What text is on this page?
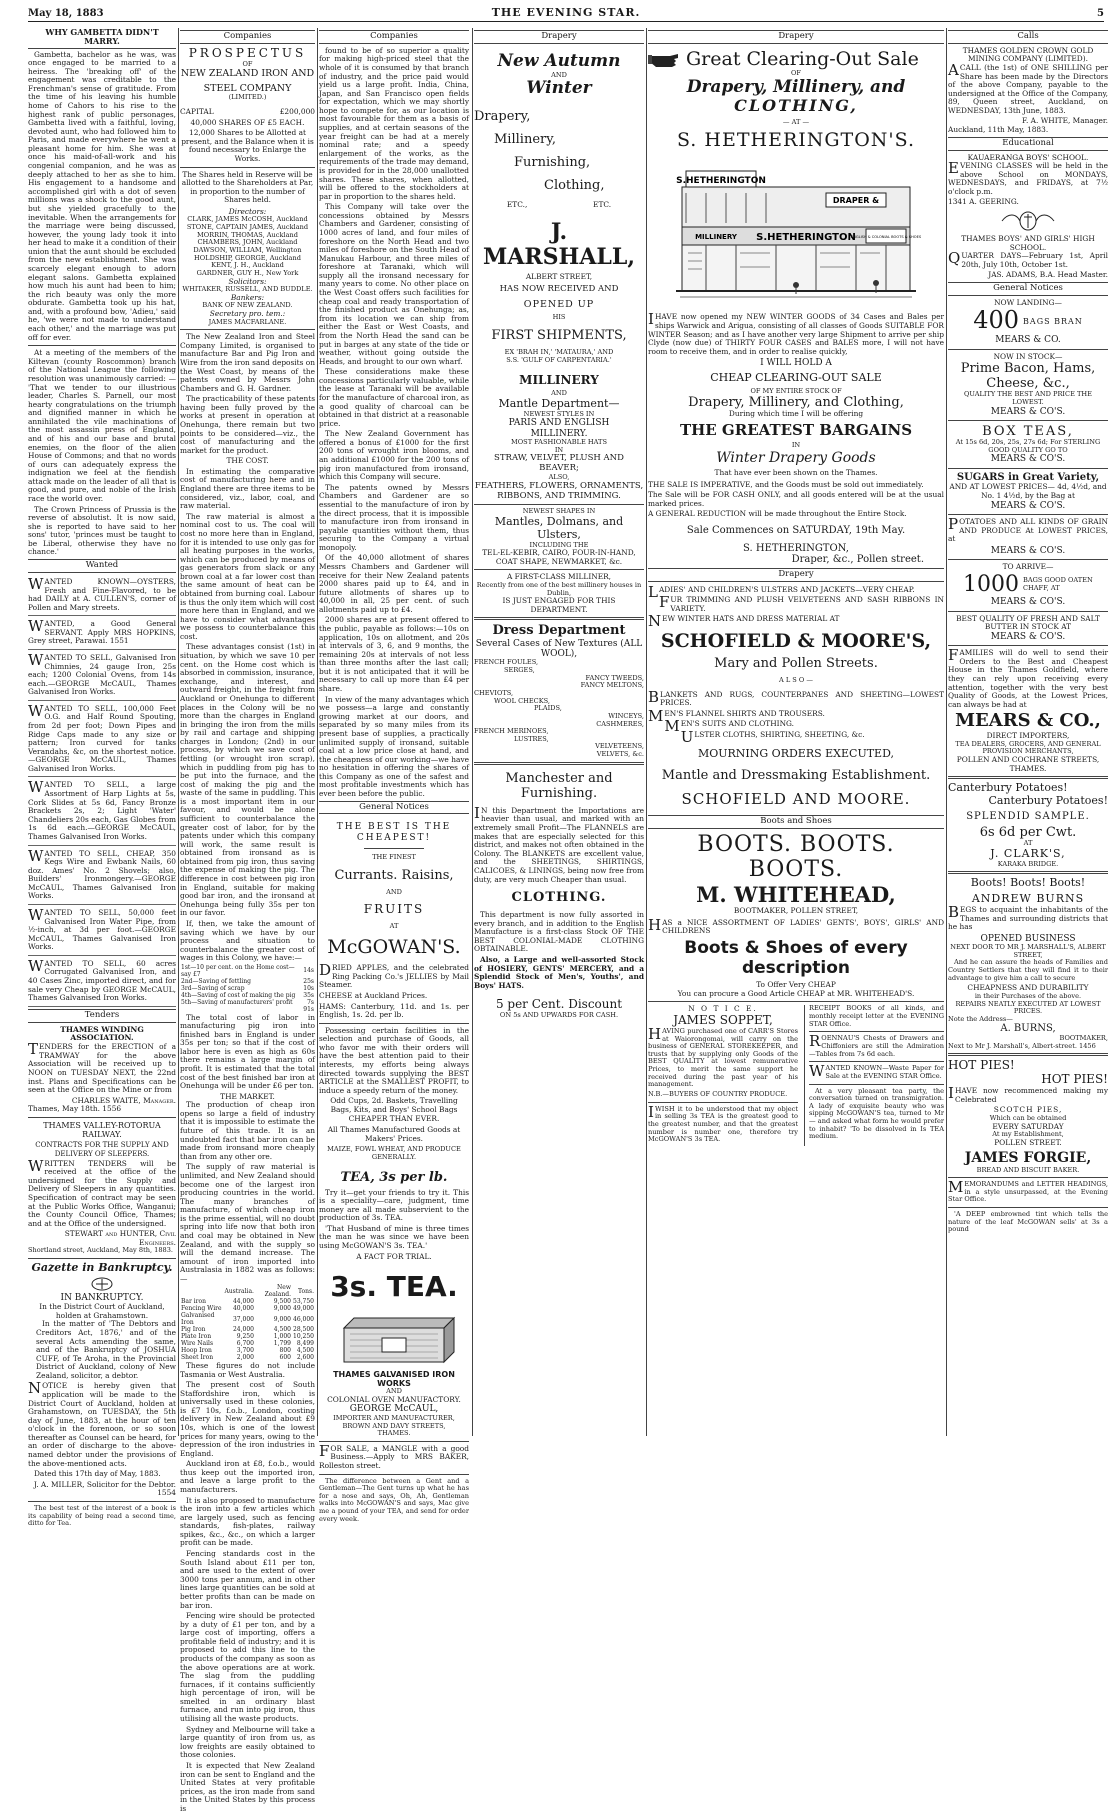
May 18, 1883	THE EVENING STAR.	5
WHY GAMBETTA DIDN'T MARRY.
Gambetta, bachelor as he was, was once engaged to be married to a heiress. The 'breaking off' of the engagement was creditable to the Frenchman's sense of gratitude. From the time of his leaving his humble home of Cahors to his rise to the highest rank of public personages, Gambetta lived with a faithful, loving, devoted aunt, who had followed him to Paris, and made everywhere he went a pleasant home for him. She was at once his maid-of-all-work and his congenial companion, and he was as deeply attached to her as she to him. His engagement to a handsome and accomplished girl with a dot of seven millions was a shock to the good aunt, but she yielded gracefully to the inevitable. When the arrangements for the marriage were being discussed, however, the young lady took it into her head to make it a condition of their union that the aunt should be excluded from the new establishment. She was scarcely elegant enough to adorn elegant salons. Gambetta explained how much his aunt had been to him; the rich beauty was only the more obdurate. Gambetta took up his hat, and, with a profound bow, 'Adieu,' said he, 'we were not made to understand each other,' and the marriage was put off for ever.
At a meeting of the members of the Kiltevan (county Roscommon) branch of the National League the following resolution was unanimously carried: — 'That we tender to our illustrious leader, Charles S. Parnell, our most hearty congratulations on the triumph and dignified manner in which he annihilated the vile machinations of the most assassin press of England, and of his and our base and brutal enemies, on the floor of the alien House of Commons; and that no words of ours can adequately express the indignation we feel at the fiendish attack made on the leader of all that is good, and pure, and noble of the Irish race the world over.
The Crown Princess of Prussia is the reverse of absolutist. It is now said, she is reported to have said to her sons' tutor, 'princes must be taught to be Liberal, otherwise they have no chance.'
Wanted
WANTED KNOWN—OYSTERS, Fresh and Fine-Flavored, to be had DAILY at A. CULLEN'S, corner of Pollen and Mary streets.
WANTED, a Good General SERVANT. Apply MRS HOPKINS, Grey street, Parawai. 1551
WANTED TO SELL, Galvanised Iron Chimnies, 24 gauge Iron, 25s each; 1200 Colonial Ovens, from 14s each.—GEORGE McCAUL, Thames Galvanised Iron Works.
WANTED TO SELL, 100,000 Feet O.G. and Half Round Spouting, from 2d per foot; Down Pipes and Ridge Caps made to any size or pattern; Iron curved for tanks Verandahs, &c, on the shortest notice.—GEORGE McCAUL, Thames Galvanised Iron Works.
WANTED TO SELL, a large Assortment of Harp Lights at 5s, Cork Slides at 5s 6d, Fancy Bronze Brackets 2s, 2; Light 'Water' Chandeliers 20s each, Gas Globes from 1s 6d each.—GEORGE McCAUL, Thames Galvanised Iron Works.
WANTED TO SELL, CHEAP, 350 Kegs Wire and Ewbank Nails, 60 doz. Ames' No. 2 Shovels; also, Builders' Ironmongery.—GEORGE McCAUL, Thames Galvanised Iron Works.
WANTED TO SELL, 50,000 feet Galvanised Iron Water Pipe, from ½-inch, at 3d per foot.—GEORGE McCAUL, Thames Galvanised Iron Works.
WANTED TO SELL, 60 acres Corrugated Galvanised Iron, and 40 Cases Zinc, imported direct, and for sale very Cheap by GEORGE McCAUL, Thames Galvanised Iron Works.
Tenders
THAMES WINDING ASSOCIATION.
TENDERS for the ERECTION of a TRAMWAY for the above Association will be received up to NOON on TUESDAY NEXT, the 22nd inst. Plans and Specifications can be seen at the Office on the Mine or from
CHARLES WAITE, Manager.
Thames, May 18th. 1556
THAMES VALLEY-ROTORUA RAILWAY.
CONTRACTS FOR THE SUPPLY AND DELIVERY OF SLEEPERS.
WRITTEN TENDERS will be received at the office of the undersigned for the Supply and Delivery of Sleepers in any quantities. Specification of contract may be seen at the Public Works Office, Wanganui; the County Council Office, Thames; and at the Office of the undersigned.
STEWART and HUNTER, Civil Engineers.
Shortland street, Auckland, May 8th, 1883.
Gazette in Bankruptcy.
IN BANKRUPTCY.
In the District Court of Auckland, holden at Grahamstown.
In the matter of 'The Debtors and Creditors Act, 1876,' and of the several Acts amending the same, and of the Bankruptcy of JOSHUA CUFF, of Te Aroha, in the Provincial District of Auckland, colony of New Zealand, solicitor, a debtor.
NOTICE is hereby given that application will be made to the District Court of Auckland, holden at Grahamstown, on TUESDAY, the 5th day of June, 1883, at the hour of ten o'clock in the forenoon, or so soon thereafter as Counsel can be heard, for an order of discharge to the above-named debtor under the provisions of the above-mentioned acts.
Dated this 17th day of May, 1883.
J. A. MILLER, Solicitor for the Debtor. 1554
The best test of the interest of a book is its capability of being read a second time, ditto for Tea.
Companies
PROSPECTUS
OF
NEW ZEALAND IRON AND
STEEL COMPANY
(LIMITED.)
CAPITAL	£200,000
40,000 SHARES OF £5 EACH.
12,000 Shares to be Allotted at present, and the Balance when it is found necessary to Enlarge the Works.
The Shares held in Reserve will be allotted to the Shareholders at Par, in proportion to the number of Shares held.
Directors:
CLARK, JAMES McCOSH, Auckland
STONE, CAPTAIN JAMES, Auckland
MORRIN, THOMAS, Auckland
CHAMBERS, JOHN, Auckland
DAWSON, WILLIAM, Wellington
HOLDSHIP, GEORGE, Auckland
KENT, J. H., Auckland
GARDNER, GUY H., New York
Solicitors:
WHITAKER, RUSSELL, AND BUDDLE.
Bankers:
BANK OF NEW ZEALAND.
Secretary pro. tem.:
JAMES MACFARLANE.
The New Zealand Iron and Steel Company Limited, is organised to manufacture Bar and Pig Iron and Wire from the iron sand deposits on the West Coast, by means of the patents owned by Messrs John Chambers and G. H. Gardner.
The practicability of these patents having been fully proved by the works at present in operation at Onehunga, there remain but two points to be considered—viz., the cost of manufacturing and the market for the product.
THE COST.
In estimating the comparative cost of manufacturing here and in England there are three items to be considered, viz., labor, coal, and raw material.
The raw material is almost a nominal cost to us. The coal will cost no more here than in England, for it is intended to use only gas for all heating purposes in the works, which can be produced by means of gas generators from slack or any brown coal at a far lower cost than the same amount of heat can be obtained from burning coal. Labour is thus the only item which will cost more here than in England, and we have to consider what advantages we possess to counterbalance this cost.
These advantages consist (1st) in situation, by which we save 10 per cent. on the Home cost which is absorbed in commission, insurance, exchange, and interest, and outward freight, in the freight from Auckland or Onehunga to different places in the Colony will be no more than the charges in England in bringing the iron from the mills by rail and cartage and shipping charges in London; (2nd) in our process, by which we save cost of fettling (or wrought iron scrap), which in puddling from pig has to be put into the furnace, and the cost of making the pig and the waste of the same in puddling. This is a most important item in our favour, and would be alone sufficient to counterbalance the greater cost of labor, for by the patents under which this company will work, the same result is obtained from ironsand as is obtained from pig iron, thus saving the expense of making the pig. The difference in cost between pig iron in England, suitable for making good bar iron, and the ironsand at Onehunga being fully 35s per ton in our favor.
If, then, we take the amount of saving which we have by our process and situation to counterbalance the greater cost of wages in this Colony, we have:—
1st—10 per cent. on the Home cost—say £7	14s
2nd—Saving of fettling	25s
3rd—Saving of scrap	10s
4th—Saving of cost of making the pig	35s
5th—Saving of manufacturers' profit	7s
	91s
The total cost of labor in manufacturing pig iron into finished bars in England is under 35s per ton; so that if the cost of labor here is even as high as 60s there remains a large margin of profit. It is estimated that the total cost of the best finished bar iron at Onehunga will be under £6 per ton.
THE MARKET.
The production of cheap iron opens so large a field of industry that it is impossible to estimate the future of this trade. It is an undoubted fact that bar iron can be made from ironsand more cheaply than from any other ore.
The supply of raw material is unlimited, and New Zealand should become one of the largest iron producing countries in the world. The many branches of manufacture, of which cheap iron is the prime essential, will no doubt spring into life now that both iron and coal may be obtained in New Zealand, and with the supply so will the demand increase. The amount of iron imported into Australasia in 1882 was as follows:—
	Australia.	New Zealand.	Tons.
Bar iron	44,000	9,500	53,750
Fencing Wire	40,000	9,000	49,000
Galvanised Iron	37,000	9,000	46,000
Pig Iron	24,000	4,500	28,500
Plate Iron	9,250	1,000	10,250
Wire Nails	6,700	1,799	8,499
Hoop Iron	3,700	800	4,500
Sheet Iron	2,000	600	2,600
These figures do not include Tasmania or West Australia.
The present cost of South Staffordshire iron, which is universally used in these colonies, is £7 10s, f.o.b., London, costing delivery in New Zealand about £9 10s, which is one of the lowest prices for many years, owing to the depression of the iron industries in England.
Auckland iron at £8, f.o.b., would thus keep out the imported iron, and leave a large profit to the manufacturers.
It is also proposed to manufacture the iron into a few articles which are largely used, such as fencing standards, fish-plates, railway spikes, &c., &c., on which a larger profit can be made.
Fencing standards cost in the South Island about £11 per ton, and are used to the extent of over 3000 tons per annum, and in other lines large quantities can be sold at better profits than can be made on bar iron.
Fencing wire should be protected by a duty of £1 per ton, and by a large cost of importing, offers a profitable field of industry; and it is proposed to add this line to the products of the company as soon as the above operations are at work. The slag from the puddling furnaces, if it contains sufficiently high percentage of iron, will be smelted in an ordinary blast furnace, and run into pig iron, thus utilising all the waste products.
Sydney and Melbourne will take a large quantity of iron from us, as low freights are easily obtained to those colonies.
It is expected that New Zealand iron can be sent to England and the United States at very profitable prices, as the iron made from sand in the United States by this process is
Companies
found to be of so superior a quality for making high-priced steel that the whole of it is consumed by that branch of industry, and the price paid would yield us a large profit. India, China, Japan, and San Francisco open fields for expectation, which we may shortly hope to compete for, as our location is most favourable for them as a basis of supplies, and at certain seasons of the year freight can be had at a merely nominal rate; and a speedy enlargement of the works, as the requirements of the trade may demand, is provided for in the 28,000 unallotted shares. These shares, when allotted, will be offered to the stockholders at par in proportion to the shares held.
This Company will take over the concessions obtained by Messrs Chambers and Gardener, consisting of 1000 acres of land, and four miles of foreshore on the North Head and two miles of foreshore on the South Head of Manukau Harbour, and three miles of foreshore at Taranaki, which will supply all the ironsand necessary for many years to come. No other place on the West Coast offers such facilities for cheap coal and ready transportation of the finished product as Onehunga; as, from its location we can ship from either the East or West Coasts, and from the North Head the sand can be put in barges at any state of the tide or weather, without going outside the Heads, and brought to our own wharf.
These considerations make these concessions particularly valuable, while the lease at Taranaki will be available for the manufacture of charcoal iron, as a good quality of charcoal can be obtained in that district at a reasonable price.
The New Zealand Government has offered a bonus of £1000 for the first 200 tons of wrought iron blooms, and an additional £1000 for the 200 tons of pig iron manufactured from ironsand, which this Company will secure.
The patents owned by Messrs Chambers and Gardener are so essential to the manufacture of iron by the direct process, that it is impossible to manufacture iron from ironsand in payable quantities without them, thus securing to the Company a virtual monopoly.
Of the 40,000 allotment of shares Messrs Chambers and Gardener will receive for their New Zealand patents 2000 shares paid up to £4, and in future allotments of shares up to 40,000 in all, 25 per cent. of such allotments paid up to £4.
2000 shares are at present offered to the public, payable as follows:—10s on application, 10s on allotment, and 20s at intervals of 3, 6, and 9 months, the remaining 20s at intervals of not less than three months after the last call; but it is not anticipated that it will be necessary to call up more than £4 per share.
In view of the many advantages which we possess—a large and constantly growing market at our doors, and separated by so many miles from its present base of supplies, a practically unlimited supply of ironsand, suitable coal at a low price close at hand, and the cheapness of our working—we have no hesitation in offering the shares of this Company as one of the safest and most profitable investments which has ever been before the public.
General Notices
THE BEST IS THE
CHEAPEST!
THE FINEST
Currants. Raisins,
AND
FRUITS
AT
McGOWAN'S.
DRIED APPLES, and the celebrated Ring Packing Co.'s JELLIES by Mail Steamer.
CHEESE at Auckland Prices.
HAMS: Canterbury, 11d. and 1s. per English, 1s. 2d. per lb.
Possessing certain facilities in the selection and purchase of Goods, all who favor me with their orders will have the best attention paid to their interests, my efforts being always directed towards supplying the BEST ARTICLE at the SMALLEST PROFIT, to induce a speedy return of the money.
Odd Cups, 2d. Baskets, Travelling Bags, Kits, and Boys' School Bags CHEAPER THAN EVER.
All Thames Manufactured Goods at Makers' Prices.
MAIZE, FOWL WHEAT, AND PRODUCE GENERALLY.
TEA, 3s per lb.
Try it—get your friends to try it. This is a speciality—care, judgment, time money are all made subservient to the production of 3s. TEA.
'That Husband of mine is three times the man he was since we have been using McGOWAN'S 3s. TEA.'
A FACT FOR TRIAL.
3s. TEA.
THAMES GALVANISED IRON WORKS
AND
COLONIAL OVEN MANUFACTORY.
GEORGE McCAUL,
IMPORTER AND MANUFACTURER,
BROWN AND DAVY STREETS,
THAMES.
FOR SALE, a MANGLE with a good Business.—Apply to MRS BAKER, Rolleston street.
The difference between a Gent and a Gentleman—The Gent turns up what he has for a nose and says, Oh, Ah, Gentleman walks into McGOWAN'S and says, Mac give me a pound of your TEA, and send for order every week.
Drapery
New Autumn
AND
Winter
Drapery,
Millinery,
Furnishing,
Clothing,
ETC.,	ETC.
J. MARSHALL,
ALBERT STREET,
HAS NOW RECEIVED AND
OPENED UP
HIS
FIRST SHIPMENTS,
EX 'BRAH IN,' 'MATAURA,' AND
S.S. 'GULF OF CARPENTARIA.'
MILLINERY
AND
Mantle Department—
NEWEST STYLES IN
PARIS AND ENGLISH
MILLINERY.
MOST FASHIONABLE HATS
IN
STRAW, VELVET, PLUSH AND BEAVER;
ALSO,
FEATHERS, FLOWERS, ORNAMENTS, RIBBONS, AND TRIMMING.
NEWEST SHAPES IN
Mantles, Dolmans, and Ulsters,
INCLUDING THE
TEL-EL-KEBIR, CAIRO, FOUR-IN-HAND, COAT SHAPE, NEWMARKET, &c.
A FIRST-CLASS MILLINER,
Recently from one of the best millinery houses in Dublin,
IS JUST ENGAGED FOR THIS DEPARTMENT.
Dress Department
Several Cases of New Textures (ALL WOOL),
FRENCH FOULES,
SERGES,
FANCY TWEEDS,
FANCY MELTONS,
CHEVIOTS,
WOOL CHECKS,
PLAIDS,
WINCEYS,
CASHMERES,
FRENCH MERINOES,
LUSTRES,
VELVETEENS,
VELVETS, &c.
Manchester and Furnishing.
IN this Department the Importations are heavier than usual, and marked with an extremely small Profit—The FLANNELS are makes that are especially selected for this district, and makes not often obtained in the Colony. The BLANKETS are excellent value, and the SHEETINGS, SHIRTINGS, CALICOES, & LININGS, being now free from duty, are very much Cheaper than usual.
CLOTHING.
This department is now fully assorted in every branch, and in addition to the English Manufacture is a first-class Stock OF THE BEST COLONIAL-MADE CLOTHING OBTAINABLE.
Also, a Large and well-assorted Stock of HOSIERY, GENTS' MERCERY, and a Splendid Stock of Men's, Youths', and Boys' HATS.
5 per Cent. Discount
ON 5s AND UPWARDS FOR CASH.
Drapery
Great Clearing-Out Sale
OF
Drapery, Millinery, and
CLOTHING,
— AT —
S. HETHERINGTON'S.
S.HETHERINGTON
DRAPER &
MILLINERY S.HETHERINGTON
ENGLISH & COLONIAL BOOTS & SHOES
IHAVE now opened my NEW WINTER GOODS of 34 Cases and Bales per ships Warwick and Arigua, consisting of all classes of Goods SUITABLE FOR WINTER Season; and as I have another very large Shipment to arrive per ship Clyde (now due) of THIRTY FOUR CASES and BALES more, I will not have room to receive them, and in order to realise quickly,
I WILL HOLD A
CHEAP CLEARING-OUT SALE
OF MY ENTIRE STOCK OF
Drapery, Millinery, and Clothing,
During which time I will be offering
THE GREATEST BARGAINS
IN
Winter Drapery Goods
That have ever been shown on the Thames.
THE SALE IS IMPERATIVE, and the Goods must be sold out immediately.
The Sale will be FOR CASH ONLY, and all goods entered will be at the usual marked prices.
A GENERAL REDUCTION will be made throughout the Entire Stock.
Sale Commences on SATURDAY, 19th May.
S. HETHERINGTON,
Draper, &c., Pollen street.
Drapery
LADIES' AND CHILDREN'S ULSTERS AND JACKETS—VERY CHEAP.
FUR TRIMMING AND PLUSH VELVETEENS AND SASH RIBBONS IN VARIETY.
NEW WINTER HATS AND DRESS MATERIAL AT
SCHOFIELD & MOORE'S,
Mary and Pollen Streets.
A L S O —
BLANKETS AND RUGS, COUNTERPANES AND SHEETING—LOWEST PRICES.
MEN'S FLANNEL SHIRTS AND TROUSERS.
MEN'S SUITS AND CLOTHING.
ULSTER CLOTHS, SHIRTING, SHEETING, &c.
MOURNING ORDERS EXECUTED,
Mantle and Dressmaking Establishment.
SCHOFIELD AND MOORE.
Boots and Shoes
BOOTS. BOOTS. BOOTS.
M. WHITEHEAD,
BOOTMAKER, POLLEN STREET,
HAS a NICE ASSORTMENT OF LADIES' GENTS', BOYS', GIRLS' AND CHILDRENS
Boots & Shoes of every description
To Offer Very CHEAP
You can procure a Good Article CHEAP at MR. WHITEHEAD'S.
N O T I C E.
JAMES SOPPET,
HAVING purchased one of CARR'S Stores at Waiorongomai, will carry on the business of GENERAL STOREKEEPER, and trusts that by supplying only Goods of the BEST QUALITY at lowest remunerative Prices, to merit the same support he received during the past year of his management.
N.B.—BUYERS OF COUNTRY PRODUCE.
IWISH it to be understood that my object in selling 3s TEA is the greatest good to the greatest number, and that the greatest number is number one, therefore try McGOWAN'S 3s TEA.
RECEIPT BOOKS of all kinds, and monthly receipt letter at the EVENING STAR Office.
ROENNAU'S Chests of Drawers and Chiffoniers are still the Admiration—Tables from 7s 6d each.
WANTED KNOWN—Waste Paper for Sale at the EVENING STAR Office.
At a very pleasant tea party, the conversation turned on transmigration. A lady of exquisite beauty who was sipping McGOWAN'S tea, turned to Mr — and asked what form he would prefer to inhabit? 'To be dissolved in Is TEA medium.
Calls
THAMES GOLDEN CROWN GOLD MINING COMPANY (LIMITED).
ACALL (the 1st) of ONE SHILLING per Share has been made by the Directors of the above Company, payable to the undersigned at the Office of the Company, 89, Queen street, Auckland, on WEDNESDAY, 13th June, 1883.
F. A. WHITE, Manager.
Auckland, 11th May, 1883.
Educational
KAUAERANGA BOYS' SCHOOL.
EVENING CLASSES will be held in the above School on MONDAYS, WEDNESDAYS, and FRIDAYS, at 7½ o'clock p.m.
1341 A. GEERING.
THAMES BOYS' AND GIRLS' HIGH SCHOOL.
QUARTER DAYS—February 1st, April 20th, July 10th, October 1st.
JAS. ADAMS, B.A. Head Master.
General Notices
NOW LANDING—
400 BAGS BRAN
MEARS & CO.
NOW IN STOCK—
Prime Bacon, Hams, Cheese, &c.,
QUALITY THE BEST AND PRICE THE LOWEST.
MEARS & CO'S.
BOX TEAS,
At 15s 6d, 20s, 25s, 27s 6d; For STERLING GOOD QUALITY GO TO
MEARS & CO'S.
SUGARS in Great Variety,
AND AT LOWEST PRICES— 4d, 4½d, and No. 1 4½d, by the Bag at
MEARS & CO'S.
POTATOES AND ALL KINDS OF GRAIN AND PRODUCE At LOWEST PRICES, at
MEARS & CO'S.
TO ARRIVE—
1000 BAGS GOOD OATEN CHAFF, AT
MEARS & CO'S.
BEST QUALITY OF FRESH AND SALT BUTTER IN STOCK AT
MEARS & CO'S.
FAMILIES will do well to send their Orders to the Best and Cheapest House in the Thames Goldfield, where they can rely upon receiving every attention, together with the very best Quality of Goods, at the Lowest Prices, can always be had at
MEARS & CO.,
DIRECT IMPORTERS,
TEA DEALERS, GROCERS, AND GENERAL PROVISION MERCHANTS,
POLLEN AND COCHRANE STREETS, THAMES.
Canterbury Potatoes!
Canterbury Potatoes!
SPLENDID SAMPLE.
6s 6d per Cwt.
AT
J. CLARK'S,
KARAKA BRIDGE.
Boots! Boots! Boots!
ANDREW BURNS
BEGS to acquaint the inhabitants of the Thames and surrounding districts that he has
OPENED BUSINESS
NEXT DOOR TO MR J. MARSHALL'S, ALBERT STREET,
And he can assure the heads of Families and Country Settlers that they will find it to their advantage to give him a call to secure
CHEAPNESS AND DURABILITY
in their Purchases of the above.
REPAIRS NEATLY EXECUTED AT LOWEST PRICES.
Note the Address—
A. BURNS,
BOOTMAKER,
Next to Mr J. Marshall's, Albert-street. 1456
HOT PIES!
HOT PIES!
IHAVE now recommenced making my Celebrated
SCOTCH PIES,
Which can be obtained
EVERY SATURDAY
At my Establishment,
POLLEN STREET.
JAMES FORGIE,
BREAD AND BISCUIT BAKER.
MEMORANDUMS and LETTER HEADINGS, in a style unsurpassed, at the Evening Star Office.
'A DEEP embrowned tint which tells the nature of the leaf McGOWAN sells' at 3s a pound
